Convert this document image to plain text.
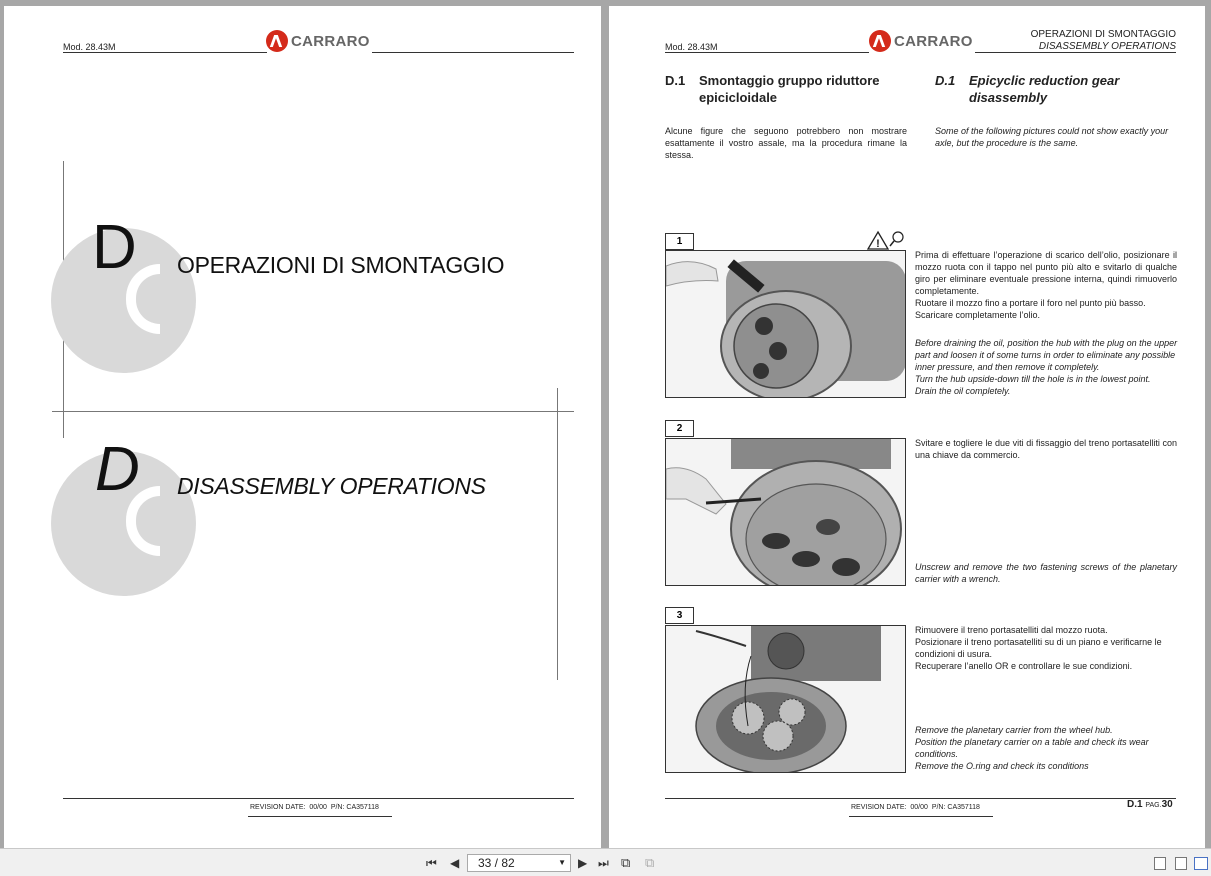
Mod. 28.43M	CARRARO
D OPERAZIONI DI SMONTAGGIO
D DISASSEMBLY OPERATIONS
REVISION DATE: 00/00 P/N: CA357118
Mod. 28.43M	CARRARO	OPERAZIONI DI SMONTAGGIO
DISASSEMBLY OPERATIONS
D.1 Smontaggio gruppo riduttore epicicloidale
D.1 Epicyclic reduction gear disassembly
Alcune figure che seguono potrebbero non mostrare esattamente il vostro assale, ma la procedura rimane la stessa.
Some of the following pictures could not show exactly your axle, but the procedure is the same.
1	!
Prima di effettuare l’operazione di scarico dell’olio, posizionare il mozzo ruota con il tappo nel punto più alto e svitarlo di qualche giro per eliminare eventuale pressione interna, quindi rimuoverlo completamente.
Ruotare il mozzo fino a portare il foro nel punto più basso.
Scaricare completamente l’olio.
Before draining the oil, position the hub with the plug on the upper part and loosen it of some turns in order to eliminate any possible inner pressure, and then remove it completely.
Turn the hub upside-down till the hole is in the lowest point.
Drain the oil completely.
2
Svitare e togliere le due viti di fissaggio del treno portasatelliti con una chiave da commercio.
Unscrew and remove the two fastening screws of the planetary carrier with a wrench.
3
Rimuovere il treno portasatelliti dal mozzo ruota.
Posizionare il treno portasatelliti su di un piano e verificarne le condizioni di usura.
Recuperare l’anello OR e controllare le sue condizioni.
Remove the planetary carrier from the wheel hub.
Position the planetary carrier on a table and check its wear conditions.
Remove the O.ring and check its conditions
REVISION DATE: 00/00 P/N: CA357118	D.1 PAG.30
⏮ ◀	33 / 82	▼ ▶ ⏭ ⧉ ⧉
